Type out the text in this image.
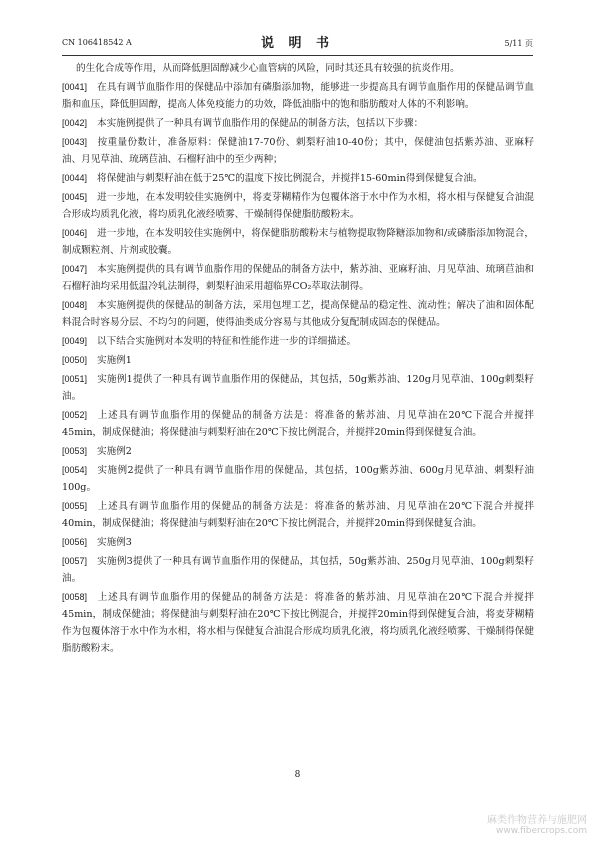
CN 106418542 A	说 明 书	5/11 页

的生化合成等作用，从而降低胆固醇减少心血管病的风险，同时其还具有较强的抗炎作用。

[0041] 在具有调节血脂作用的保健品中添加有磷脂添加物，能够进一步提高具有调节血脂作用的保健品调节血脂和血压，降低胆固醇，提高人体免疫能力的功效，降低油脂中的饱和脂肪酸对人体的不利影响。

[0042] 本实施例提供了一种具有调节血脂作用的保健品的制备方法，包括以下步骤：

[0043] 按重量份数计，准备原料：保健油17-70份、刺梨籽油10-40份；其中，保健油包括紫苏油、亚麻籽油、月见草油、琉璃苣油、石榴籽油中的至少两种；

[0044] 将保健油与刺梨籽油在低于25℃的温度下按比例混合，并搅拌15-60min得到保健复合油。

[0045] 进一步地，在本发明较佳实施例中，将麦芽糊精作为包覆体溶于水中作为水相，将水相与保健复合油混合形成均质乳化液，将均质乳化液经喷雾、干燥制得保健脂肪酸粉末。

[0046] 进一步地，在本发明较佳实施例中，将保健脂肪酸粉末与植物提取物降糖添加物和/或磷脂添加物混合，制成颗粒剂、片剂或胶囊。

[0047] 本实施例提供的具有调节血脂作用的保健品的制备方法中，紫苏油、亚麻籽油、月见草油、琉璃苣油和石榴籽油均采用低温冷轧法制得，刺梨籽油采用超临界CO₂萃取法制得。

[0048] 本实施例提供的保健品的制备方法，采用包埋工艺，提高保健品的稳定性、流动性；解决了油和固体配料混合时容易分层、不均匀的问题，使得油类成分容易与其他成分复配制成固态的保健品。

[0049] 以下结合实施例对本发明的特征和性能作进一步的详细描述。

[0050] 实施例1

[0051] 实施例1提供了一种具有调节血脂作用的保健品，其包括，50g紫苏油、120g月见草油、100g刺梨籽油。

[0052] 上述具有调节血脂作用的保健品的制备方法是：将准备的紫苏油、月见草油在20℃下混合并搅拌45min，制成保健油；将保健油与刺梨籽油在20℃下按比例混合，并搅拌20min得到保健复合油。

[0053] 实施例2

[0054] 实施例2提供了一种具有调节血脂作用的保健品，其包括，100g紫苏油、600g月见草油、刺梨籽油100g。

[0055] 上述具有调节血脂作用的保健品的制备方法是：将准备的紫苏油、月见草油在20℃下混合并搅拌40min，制成保健油；将保健油与刺梨籽油在20℃下按比例混合，并搅拌20min得到保健复合油。

[0056] 实施例3

[0057] 实施例3提供了一种具有调节血脂作用的保健品，其包括，50g紫苏油、250g月见草油、100g刺梨籽油。

[0058] 上述具有调节血脂作用的保健品的制备方法是：将准备的紫苏油、月见草油在20℃下混合并搅拌45min，制成保健油；将保健油与刺梨籽油在20℃下按比例混合，并搅拌20min得到保健复合油，将麦芽糊精作为包覆体溶于水中作为水相，将水相与保健复合油混合形成均质乳化液，将均质乳化液经喷雾、干燥制得保健脂肪酸粉末。

8
麻类作物营养与施肥网
www.fibercrops.com
